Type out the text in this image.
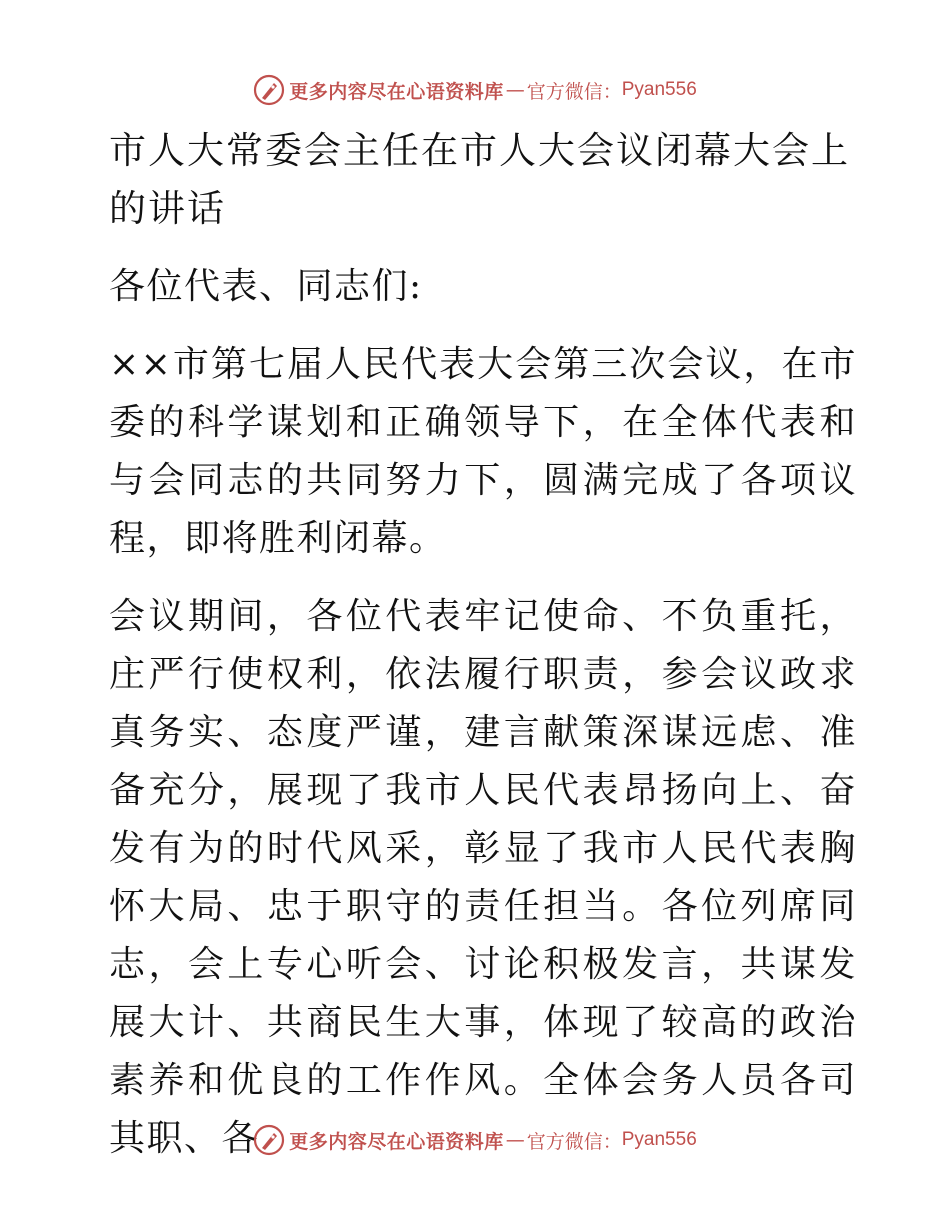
更多内容尽在心语资料库 — 官方微信： Pyan556
市人大常委会主任在市人大会议闭幕大会上的讲话

各位代表、同志们:

××市第七届人民代表大会第三次会议，在市委的科学谋划和正确领导下，在全体代表和与会同志的共同努力下，圆满完成了各项议程，即将胜利闭幕。

会议期间，各位代表牢记使命、不负重托，庄严行使权利，依法履行职责，参会议政求真务实、态度严谨，建言献策深谋远虑、准备充分，展现了我市人民代表昂扬向上、奋发有为的时代风采，彰显了我市人民代表胸怀大局、忠于职守的责任担当。各位列席同志，会上专心听会、讨论积极发言，共谋发展大计、共商民生大事，体现了较高的政治素养和优良的工作作风。全体会务人员各司其职、各	更多内容尽在心语资料库 — 官方微信： Pyan556
